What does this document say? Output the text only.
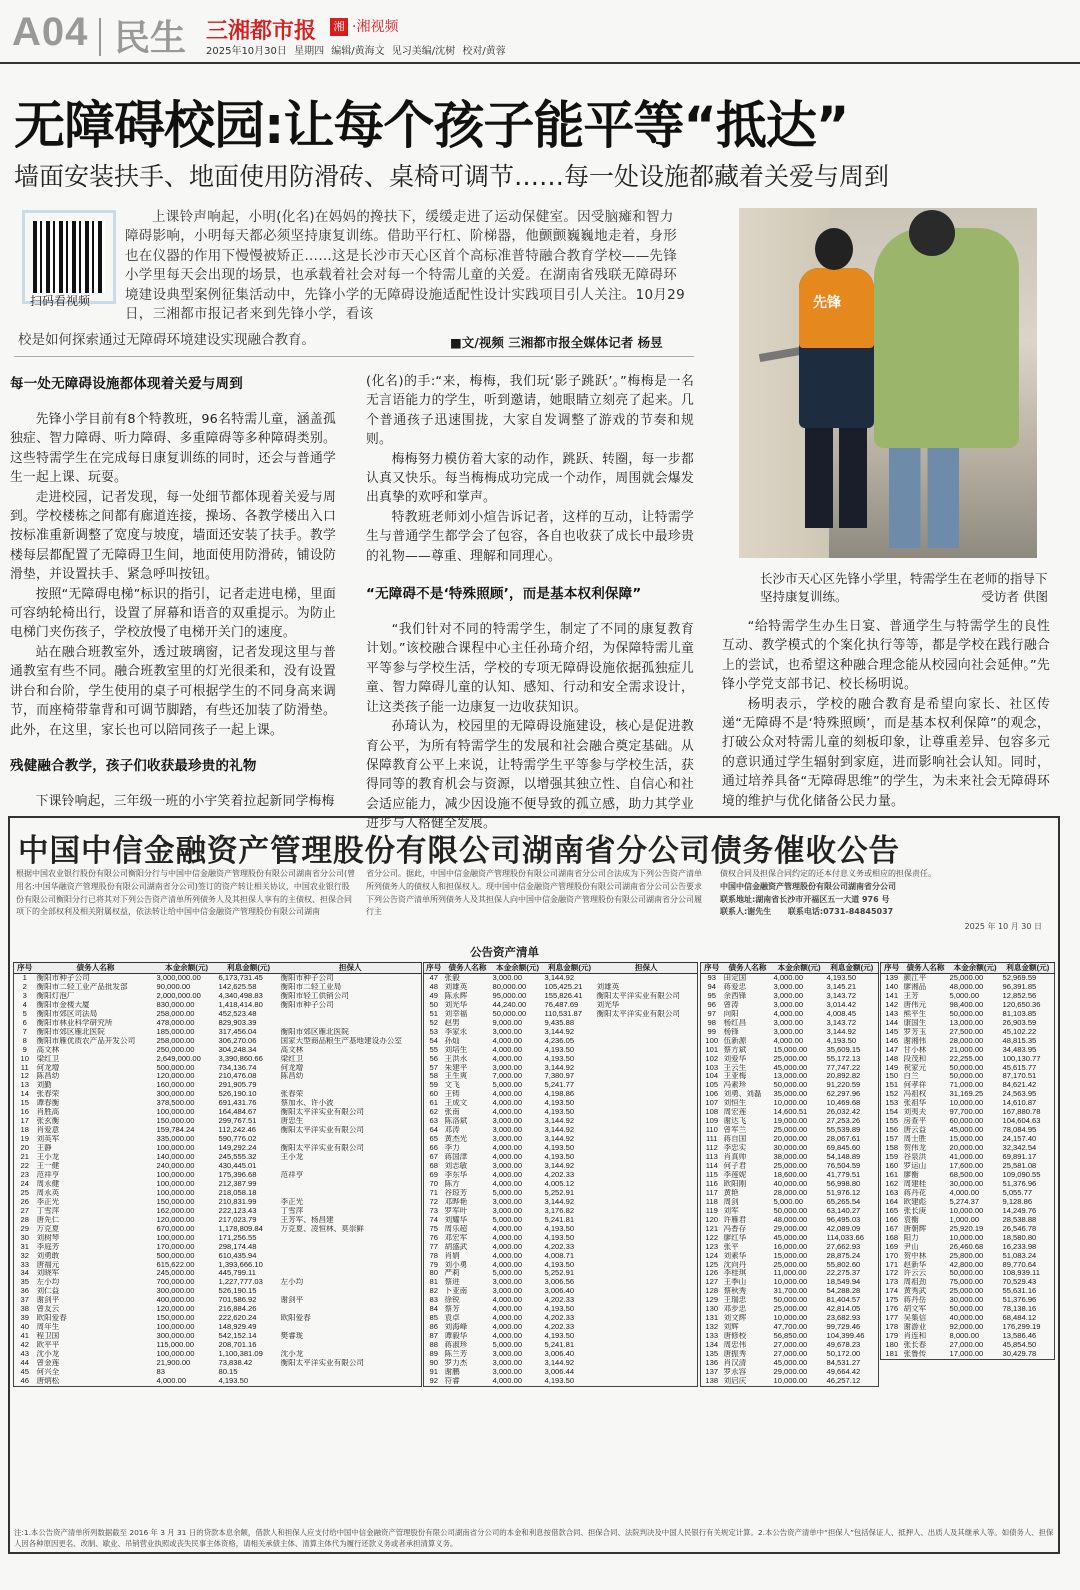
A04 民生 三湘都市报	湘 ·湘视频
2025年10月30日 星期四 编辑/黄海文 见习美编/沈树 校对/黄蓉
无障碍校园:让每个孩子能平等“抵达”
墙面安装扶手、地面使用防滑砖、桌椅可调节……每一处设施都藏着关爱与周到
扫码看视频
上课铃声响起，小明(化名)在妈妈的搀扶下，缓缓走进了运动保健室。因受脑瘫和智力障碍影响，小明每天都必须坚持康复训练。借助平行杠、阶梯器，他颤颤巍巍地走着，身形也在仪器的作用下慢慢被矫正……这是长沙市天心区首个高标准普特融合教育学校——先锋小学里每天会出现的场景，也承载着社会对每一个特需儿童的关爱。在湖南省残联无障碍环境建设典型案例征集活动中，先锋小学的无障碍设施适配性设计实践项目引人关注。10月29日，三湘都市报记者来到先锋小学，看该
校是如何探索通过无障碍环境建设实现融合教育。	■文/视频 三湘都市报全媒体记者 杨昱
每一处无障碍设施都体现着关爱与周到

先锋小学目前有8个特教班，96名特需儿童，涵盖孤独症、智力障碍、听力障碍、多重障碍等多种障碍类别。这些特需学生在完成每日康复训练的同时，还会与普通学生一起上课、玩耍。

走进校园，记者发现，每一处细节都体现着关爱与周到。学校楼栋之间都有廊道连接，操场、各教学楼出入口按标准重新调整了宽度与坡度，墙面还安装了扶手。教学楼每层都配置了无障碍卫生间，地面使用防滑砖，铺设防滑垫，并设置扶手、紧急呼叫按钮。

按照“无障碍电梯”标识的指引，记者走进电梯，里面可容纳轮椅出行，设置了屏幕和语音的双重提示。为防止电梯门夹伤孩子，学校放慢了电梯开关门的速度。

站在融合班教室外，透过玻璃窗，记者发现这里与普通教室有些不同。融合班教室里的灯光很柔和，没有设置讲台和台阶，学生使用的桌子可根据学生的不同身高来调节，而座椅带靠背和可调节脚踏，有些还加装了防滑垫。此外，在这里，家长也可以陪同孩子一起上课。

残健融合教学，孩子们收获最珍贵的礼物

下课铃响起，三年级一班的小宇笑着拉起新同学梅梅

(化名)的手:“来，梅梅，我们玩‘影子跳跃’。”梅梅是一名无言语能力的学生，听到邀请，她眼睛立刻亮了起来。几个普通孩子迅速围拢，大家自发调整了游戏的节奏和规则。

梅梅努力模仿着大家的动作，跳跃、转圈，每一步都认真又快乐。每当梅梅成功完成一个动作，周围就会爆发出真挚的欢呼和掌声。

特教班老师刘小煊告诉记者，这样的互动，让特需学生与普通学生都学会了包容，各自也收获了成长中最珍贵的礼物——尊重、理解和同理心。

“无障碍不是‘特殊照顾’，而是基本权利保障”

“我们针对不同的特需学生，制定了不同的康复教育计划。”该校融合课程中心主任孙琦介绍，为保障特需儿童平等参与学校生活，学校的专项无障碍设施依据孤独症儿童、智力障碍儿童的认知、感知、行动和安全需求设计，让这类孩子能一边康复一边收获知识。

孙琦认为，校园里的无障碍设施建设，核心是促进教育公平，为所有特需学生的发展和社会融合奠定基础。从保障教育公平上来说，让特需学生平等参与学校生活，获得同等的教育机会与资源，以增强其独立性、自信心和社会适应能力，减少因设施不便导致的孤立感，助力其学业进步与人格健全发展。

先锋
长沙市天心区先锋小学里，特需学生在老师的指导下坚持康复训练。	受访者 供图

“给特需学生办生日宴、普通学生与特需学生的良性互动、教学模式的个案化执行等等，都是学校在践行融合上的尝试，也希望这种融合理念能从校园向社会延伸。”先锋小学党支部书记、校长杨明说。

杨明表示，学校的融合教育是希望向家长、社区传递“无障碍不是‘特殊照顾’，而是基本权利保障”的观念，打破公众对特需儿童的刻板印象，让尊重差异、包容多元的意识通过学生辐射到家庭，进而影响社会认知。同时，通过培养具备“无障碍思维”的学生，为未来社会无障碍环境的维护与优化储备公民力量。

中国中信金融资产管理股份有限公司湖南省分公司债务催收公告
根据中国农业银行股份有限公司衡阳分行与中国中信金融资产管理股份有限公司湖南省分公司(曾用名:中国华融资产管理股份有限公司湖南省分公司)签订的资产转让相关协议，中国农业银行股份有限公司衡阳分行已将其对下列公告资产清单所列债务人及其担保人享有的主债权、担保合同项下的全部权利及相关附属权益，依法转让给中国中信金融资产管理股份有限公司湖南
省分公司。据此，中国中信金融资产管理股份有限公司湖南省分公司合法成为下列公告资产清单所列债务人的债权人和担保权人。现中国中信金融资产管理股份有限公司湖南省分公司公告要求下列公告资产清单所列债务人及其担保人向中国中信金融资产管理股份有限公司湖南省分公司履行主
债权合同及担保合同约定的还本付息义务或相应的担保责任。
中国中信金融资产管理股份有限公司湖南省分公司
联系地址:湖南省长沙市开福区五一大道 976 号
联系人:谢先生 联系电话:0731-84845037
2025 年 10 月 30 日
公告资产清单
序号	债务人名称	本金余额(元)	利息金额(元)	担保人
1	衡阳市种子公司	3,000,000.00	6,173,731.45	衡阳市种子公司
2	衡阳市二轻工业产品批发部	90,000.00	142,625.58	衡阳市二轻工业局
3	衡阳灯泡厂	2,000,000.00	4,340,498.83	衡阳市轻工供销公司
4	衡阳市金楼大厦	830,000.00	1,418,414.80	衡阳市种子公司
5	衡阳市郊区司法局	258,000.00	452,523.48	
6	衡阳市林业科学研究所	478,000.00	829,903.39	
7	衡阳市郊区雁北医院	185,000.00	317,456.04	衡阳市郊区雁北医院
8	衡阳市雁优质农产品开发公司	258,000.00	306,270.06	国家大型商品粮生产基地建设办公室
9	高文林	250,000.00	304,248.34	高文林
10	梁红卫	2,649,000.00	3,390,860.66	梁红卫
11	何龙增	500,000.00	734,136.74	何龙增
12	陈昌幼	120,000.00	210,476.08	陈昌幼
13	刘勤	160,000.00	291,905.79	
14	张春荣	300,000.00	526,190.10	张春荣
15	谭春衡	378,500.00	691,431.76	蔡加水、许小波
16	肖胜高	100,000.00	164,484.67	衡阳太平洋实业有限公司
17	张玄衡	150,000.00	299,767.51	唐忠生
18	肖爱意	159,784.24	112,242.46	衡阳太平洋实业有限公司
19	刘英军	335,000.00	590,776.02	
20	王静	100,000.00	149,292.24	衡阳太平洋实业有限公司
21	王小龙	140,000.00	245,555.32	王小龙
22	王一健	240,000.00	430,445.01	
23	范祥亨	100,000.00	175,396.68	范祥亨
24	周永健	100,000.00	212,387.99	
25	周永英	100,000.00	218,058.18	
26	李正光	150,000.00	210,831.99	李正光
27	丁雪萍	162,000.00	222,123.43	丁雪萍
28	唐先仁	120,000.00	217,023.79	王芳军、杨昌建
29	万克夏	670,000.00	1,178,809.84	万克夏、凌恒林、莫崇鲜
30	刘树琴	100,000.00	171,256.55	
31	李庭芳	170,000.00	298,174.48	
32	刘勇敢	500,000.00	610,435.94	
33	唐福元	615,622.00	1,393,666.10	
34	刘晓军	245,000.00	445,799.11	
35	左小均	700,000.00	1,227,777.03	左小均
36	刘仁益	300,000.00	526,190.15	
37	谢剑平	400,000.00	701,586.92	谢剑平
38	曾友云	120,000.00	216,884.26	
39	欧阳爱春	150,000.00	222,620.24	欧阳爱春
40	周年生	100,000.00	148,929.49	
41	程卫国	300,000.00	542,152.14	樊睿珑
42	欧平平	115,000.00	208,701.16	
43	沈小龙	100,000.00	1,100,381.09	沈小龙
44	曾金莲	21,900.00	73,838.42	衡阳太平洋实业有限公司
45	何兴全	83	80.15	
46	唐炳松	4,000.00	4,193.50	
序号	债务人名称	本金余额(元)	利息金额(元)	担保人
47	张毅	3,000.00	3,144.92	
48	刘雄英	80,000.00	105,425.21	刘雄英
49	陈永辉	95,000.00	155,826.41	衡阳太平洋实业有限公司
50	刘光华	44,240.00	76,487.69	刘光华
51	刘幸福	50,000.00	110,531.87	衡阳太平洋实业有限公司
52	赵男	9,000.00	9,435.88	
53	李家永	3,000.00	3,144.92	
54	孙灿	4,000.00	4,236.05	
55	刘培生	4,000.00	4,193.50	
56	王洪水	4,000.00	4,193.50	
57	朱建平	3,000.00	3,144.92	
58	王生爽	7,000.00	7,380.97	
59	文飞	5,000.00	5,241.77	
60	王铸	4,000.00	4,198.86	
61	王成文	4,000.00	4,193.50	
62	张南	4,000.00	4,193.50	
63	陈洛斌	3,000.00	3,144.92	
64	邓涛	3,000.00	3,144.92	
65	黄杰光	3,000.00	3,144.92	
66	李力	4,000.00	4,193.50	
67	蒋国津	4,000.00	4,193.50	
68	刘志敏	3,000.00	3,144.92	
69	李东华	4,000.00	4,202.33	
70	陈方	4,000.00	4,005.12	
71	谷琼芳	5,000.00	5,252.91	
72	邓晔艳	3,000.00	3,144.92	
73	罗军叶	3,000.00	3,176.82	
74	刘耀华	5,000.00	5,241.81	
75	周乐超	4,000.00	4,193.50	
76	邓宏军	4,000.00	4,193.50	
77	胡盛武	4,000.00	4,202.33	
78	肖娟	4,000.00	4,008.71	
79	刘小勇	4,000.00	4,193.50	
80	严莉	5,000.00	5,252.91	
81	蔡进	3,000.00	3,006.56	
82	卜亚南	3,000.00	3,006.40	
83	徐锐	4,000.00	4,202.33	
84	蔡芳	4,000.00	4,193.50	
85	袁卓	4,000.00	4,202.33	
86	刘海峰	4,000.00	4,202.33	
87	谭毅华	4,000.00	4,193.50	
88	蒋淑珍	5,000.00	5,241.81	
89	陈兰芳	3,000.00	3,006.40	
90	罗力杰	3,000.00	3,144.92	
91	谢鹏	3,000.00	3,006.44	
92	符睿	4,000.00	4,193.50	
序号	债务人名称	本金余额(元)	利息金额(元)
93	田定国	4,000.00	4,193.50
94	蒋爱忠	3,000.00	3,145.21
95	余西锋	3,000.00	3,143.72
96	曾涛	3,000.00	3,014.42
97	向阳	4,000.00	4,008.45
98	杨红昌	3,000.00	3,143.72
99	杨锋	3,000.00	3,144.92
100	伍新源	4,000.00	4,193.50
101	蔡方斌	15,000.00	35,609.15
102	刘爱华	25,000.00	55,172.13
103	王云生	45,000.00	77,747.22
104	王亚梅	13,000.00	20,892.82
105	冯素珍	50,000.00	91,220.59
106	刘勇、刘磊	35,000.00	62,297.96
107	刘恒生	10,000.00	10,469.68
108	周宏莲	14,600.51	26,032.42
109	谢达飞	19,000.00	27,253.26
110	曾军兰	25,000.00	55,539.89
111	蒋自国	20,000.00	28,067.61
112	李忠实	30,000.00	69,845.60
113	肖真帅	38,000.00	54,148.89
114	何子君	25,000.00	76,504.59
115	李莲妮	18,600.00	41,779.51
116	欧阳刚	40,000.00	56,998.80
117	黄艳	28,000.00	51,976.12
118	周剑	5,000.00	65,265.54
119	刘军	50,000.00	63,140.27
120	许雁君	48,000.00	96,495.03
121	冯香存	29,000.00	42,089.09
122	廖红华	45,000.00	114,033.66
123	张平	16,000.00	27,662.93
124	刘素华	15,000.00	28,875.24
125	沈向丹	25,000.00	55,802.60
126	李桂琪	11,000.00	22,275.37
127	王季山	10,000.00	18,549.94
128	蔡秋秀	31,700.00	54,288.28
129	王瑞忠	50,000.00	81,404.57
130	邓步忠	25,000.00	42,814.05
131	刘文辉	10,000.00	23,682.93
132	刘辉	47,700.00	99,729.46
133	唐修校	56,850.00	104,399.46
134	周忠伟	27,000.00	49,678.23
135	唐振秀	27,000.00	50,172.00
136	肖汉清	45,000.00	84,531.27
137	罗永容	29,000.00	49,664.42
138	刘启庆	10,000.00	46,257.12
序号	债务人名称	本金余额(元)	利息金额(元)
139	颜江平	25,000.00	52,969.59
140	廖湘品	48,000.00	96,391.85
141	王芳	5,000.00	12,852.56
142	唐伟元	98,400.00	120,650.36
143	熊平生	50,000.00	81,103.85
144	康国生	13,000.00	26,903.59
145	罗芳玉	27,500.00	45,102.22
146	谢湘伟	28,000.00	48,815.35
147	甘小林	21,000.00	34,483.95
148	段茂和	22,255.00	100,130.77
149	祝家元	50,000.00	45,615.77
150	白兰	50,000.00	87,170.51
151	何孝祥	71,000.00	84,621.42
152	冯祖权	31,169.25	24,563.95
153	张祖华	10,000.00	14,610.87
154	刘夷夫	97,700.00	167,880.78
155	房查平	60,000.00	104,604.63
156	唐云益	45,000.00	78,084.95
157	周士胜	15,000.00	24,157.40
158	贺伟龙	20,000.00	32,342.54
159	谷泉洪	41,000.00	69,891.17
160	罗运山	17,600.00	25,581.08
161	廖衡	68,500.00	109,090.55
162	周建桂	30,000.00	51,376.96
163	蒋丹花	4,000.00	5,055.77
164	欧建彪	5,274.37	9,128.86
165	张长庚	10,000.00	14,249.76
166	袁衡	1,000.00	28,538.88
167	唐朝辉	25,920.19	26,546.78
168	阳力	10,000.00	18,580.80
169	尹山	26,460.68	16,233.98
170	贺中林	25,800.00	51,083.24
171	赵新华	42,800.00	89,770.64
172	许云云	50,000.00	108,939.11
173	周祖劲	75,000.00	70,529.43
174	黄秀武	25,000.00	55,631.16
175	蒋丹岳	30,000.00	51,376.96
176	胡文军	50,000.00	78,138.16
177	吴集信	40,000.00	68,484.12
178	谢游业	92,000.00	176,299.19
179	肖连和	8,000.00	13,586.46
180	张长春	27,000.00	45,854.50
181	张鲁传	17,000.00	30,429.78
注:1.本公告资产清单所列数据截至 2016 年 3 月 31 日的贷款本息余额，借款人和担保人应支付给中国中信金融资产管理股份有限公司湖南省分公司的本金和利息按借款合同、担保合同、法院判决及中国人民银行有关规定计算。2.本公告资产清单中“担保人”包括保证人、抵押人、出质人及其继承人等。如债务人、担保人因各种原因更名、改制、歇业、吊销营业执照或丧失民事主体资格，请相关承债主体、清算主体代为履行还款义务或者承担清算义务。
